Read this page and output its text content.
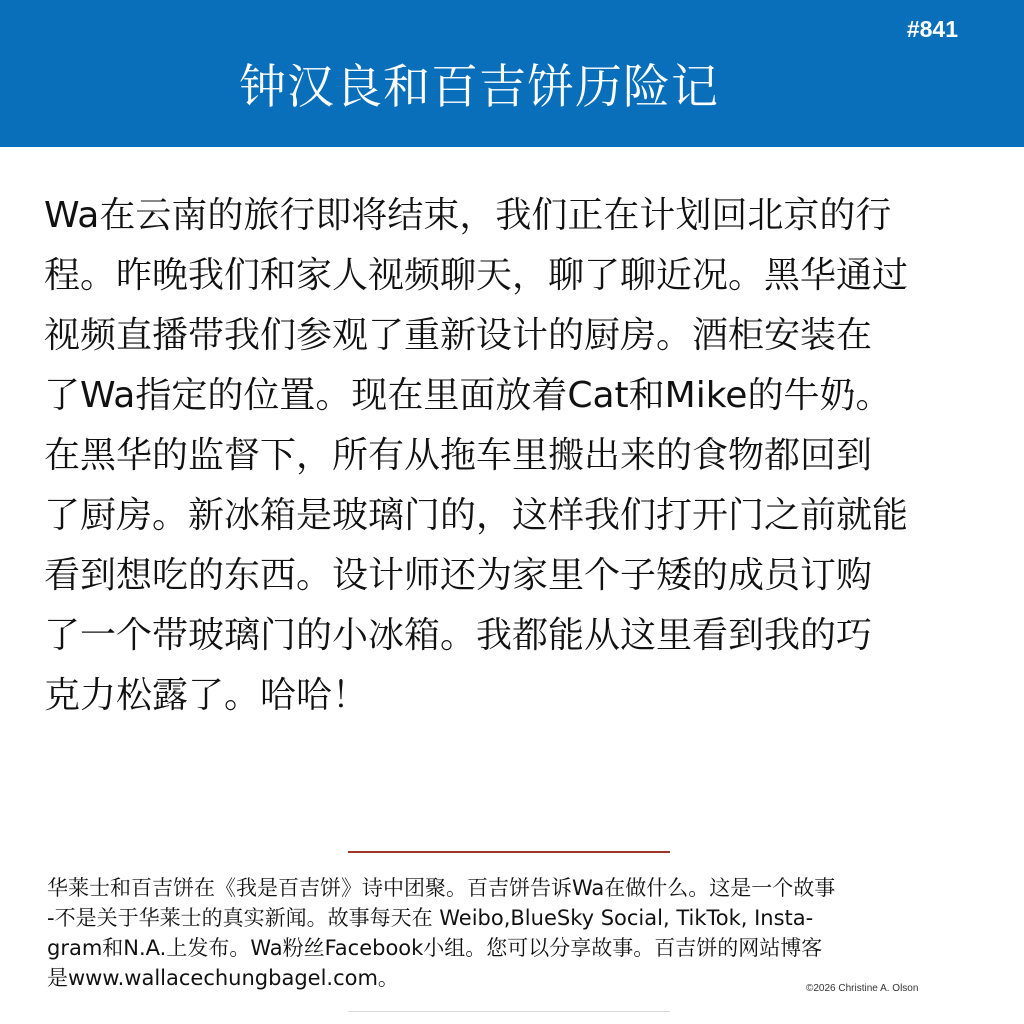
#841
钟汉良和百吉饼历险记
Wa在云南的旅行即将结束，我们正在计划回北京的行
程。昨晚我们和家人视频聊天，聊了聊近况。黑华通过
视频直播带我们参观了重新设计的厨房。酒柜安装在
了Wa指定的位置。现在里面放着Cat和Mike的牛奶。
在黑华的监督下，所有从拖车里搬出来的食物都回到
了厨房。新冰箱是玻璃门的，这样我们打开门之前就能
看到想吃的东西。设计师还为家里个子矮的成员订购
了一个带玻璃门的小冰箱。我都能从这里看到我的巧
克力松露了。哈哈！
华莱士和百吉饼在《我是百吉饼》诗中团聚。百吉饼告诉Wa在做什么。这是一个故事
-不是关于华莱士的真实新闻。故事每天在 Weibo,BlueSky Social, TikTok, Insta-
gram和N.A.上发布。Wa粉丝Facebook小组。您可以分享故事。百吉饼的网站博客
是www.wallacechungbagel.com。	©2026 Christine A. Olson
